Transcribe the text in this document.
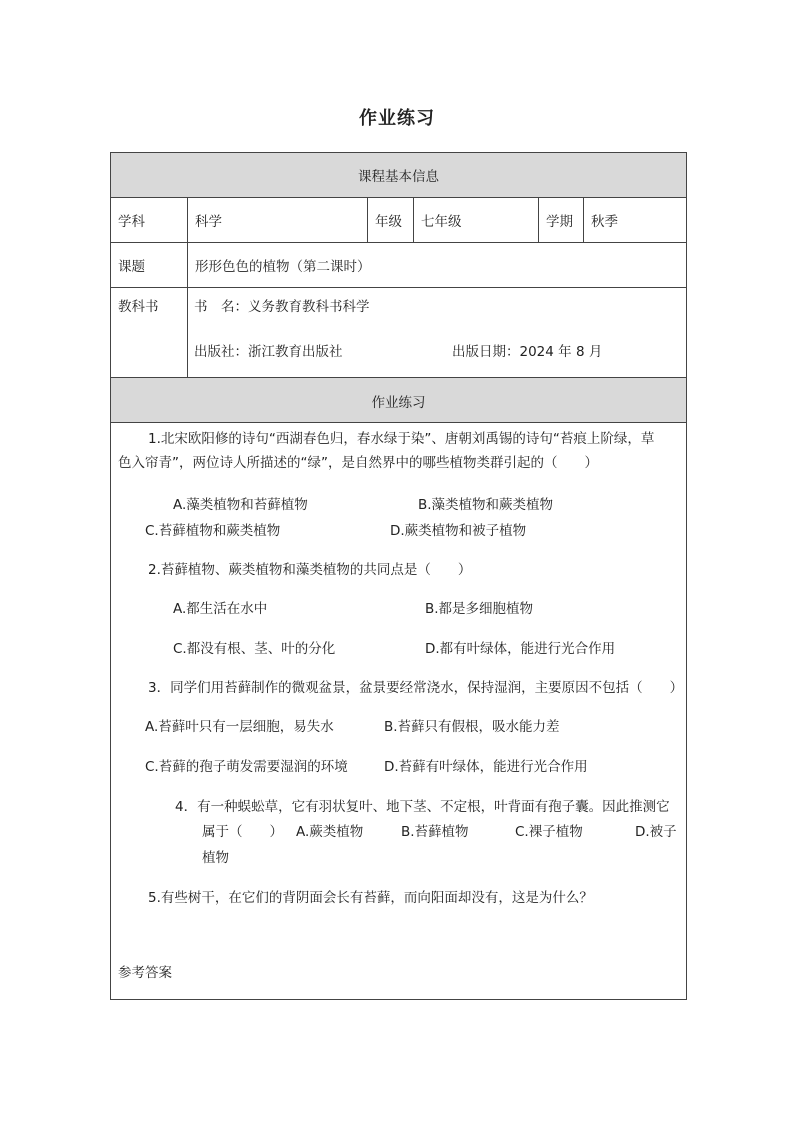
作业练习
课程基本信息
作业练习
学科	科学	年级	七年级	学期	秋季
课题	形形色色的植物（第二课时）
教科书	书　名：义务教育教科书科学
出版社：浙江教育出版社	出版日期：2024 年 8 月
1.北宋欧阳修的诗句“西湖春色归，春水绿于染”、唐朝刘禹锡的诗句“苔痕上阶绿，草
色入帘青”，两位诗人所描述的“绿”，是自然界中的哪些植物类群引起的（　　）
A.藻类植物和苔藓植物	B.藻类植物和蕨类植物
C.苔藓植物和蕨类植物	D.蕨类植物和被子植物
2.苔藓植物、蕨类植物和藻类植物的共同点是（　　）
A.都生活在水中	B.都是多细胞植物
C.都没有根、茎、叶的分化	D.都有叶绿体，能进行光合作用
3．同学们用苔藓制作的微观盆景，盆景要经常浇水，保持湿润，主要原因不包括（　　）
A.苔藓叶只有一层细胞，易失水	B.苔藓只有假根，吸水能力差
C.苔藓的孢子萌发需要湿润的环境	D.苔藓有叶绿体，能进行光合作用
4．有一种蜈蚣草，它有羽状复叶、地下茎、不定根，叶背面有孢子囊。因此推测它
属于（　　） A.蕨类植物	B.苔藓植物	C.裸子植物	D.被子
植物
5.有些树干，在它们的背阴面会长有苔藓，而向阳面却没有，这是为什么？
参考答案
